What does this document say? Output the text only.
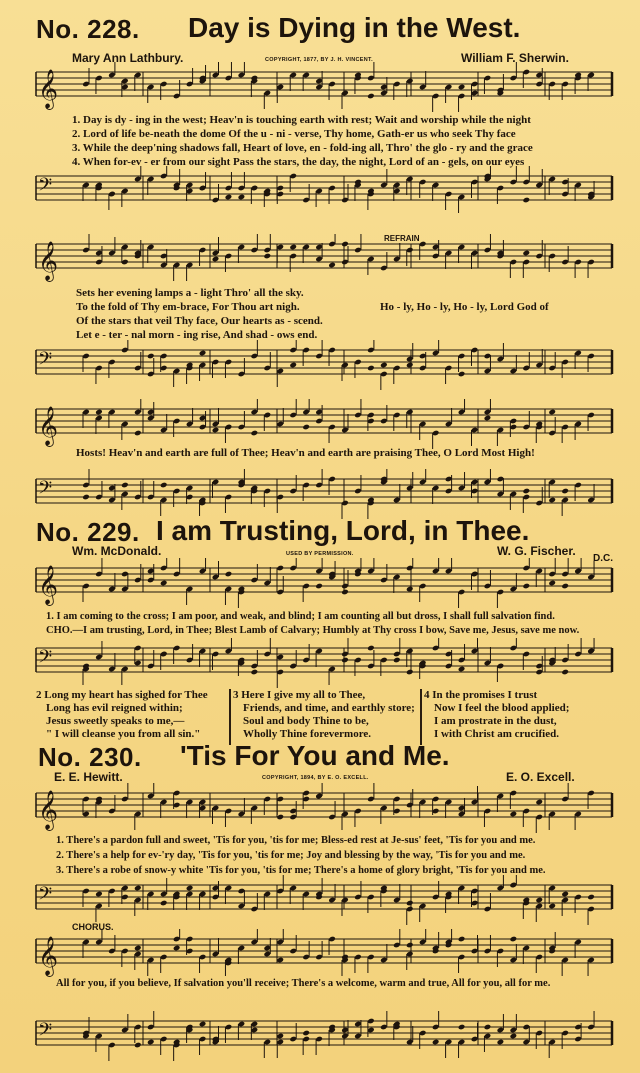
No. 228. Day is Dying in the West.
Mary Ann Lathbury.	COPYRIGHT, 1877, BY J. H. VINCENT.	William F. Sherwin.
𝄞
1. Day is dy - ing in the west; Heav'n is touching earth with rest; Wait and worship while the night
2. Lord of life be-neath the dome Of the u - ni - verse, Thy home, Gath-er us who seek Thy face
3. While the deep'ning shadows fall, Heart of love, en - fold-ing all, Thro' the glo - ry and the grace
4. When for-ev - er from our sight Pass the stars, the day, the night, Lord of an - gels, on our eyes
𝄢
REFRAIN
𝄞
Sets her evening lamps a - light Thro' all the sky.
To the fold of Thy em-brace, For Thou art nigh.
Of the stars that veil Thy face, Our hearts as - scend.
Let e - ter - nal morn - ing rise, And shad - ows end.
Ho - ly, Ho - ly, Ho - ly, Lord God of
𝄢
𝄞
Hosts! Heav'n and earth are full of Thee; Heav'n and earth are praising Thee, O Lord Most High!
𝄢
No. 229. I am Trusting, Lord, in Thee.
Wm. McDonald.	USED BY PERMISSION.	W. G. Fischer.
D.C.
𝄞
1. I am coming to the cross; I am poor, and weak, and blind; I am counting all but dross, I shall full salvation find.
CHO.—I am trusting, Lord, in Thee; Blest Lamb of Calvary; Humbly at Thy cross I bow, Save me, Jesus, save me now.
𝄢
2 Long my heart has sighed for Thee
Long has evil reigned within;
Jesus sweetly speaks to me,—
" I will cleanse you from all sin."
3 Here I give my all to Thee,
Friends, and time, and earthly store;
Soul and body Thine to be,
Wholly Thine forevermore.
4 In the promises I trust
Now I feel the blood applied;
I am prostrate in the dust,
I with Christ am crucified.
No. 230. 'Tis For You and Me.
E. E. Hewitt.	COPYRIGHT, 1894, BY E. O. EXCELL.	E. O. Excell.
𝄞
1. There's a pardon full and sweet, 'Tis for you, 'tis for me; Bless-ed rest at Je-sus' feet, 'Tis for you and me.
2. There's a help for ev-'ry day, 'Tis for you, 'tis for me; Joy and blessing by the way, 'Tis for you and me.
3. There's a robe of snow-y white 'Tis for you, 'tis for me; There's a home of glory bright, 'Tis for you and me.
𝄢
CHORUS.
𝄞
All for you, if you believe, If salvation you'll receive; There's a welcome, warm and true, All for you, all for me.
𝄢
